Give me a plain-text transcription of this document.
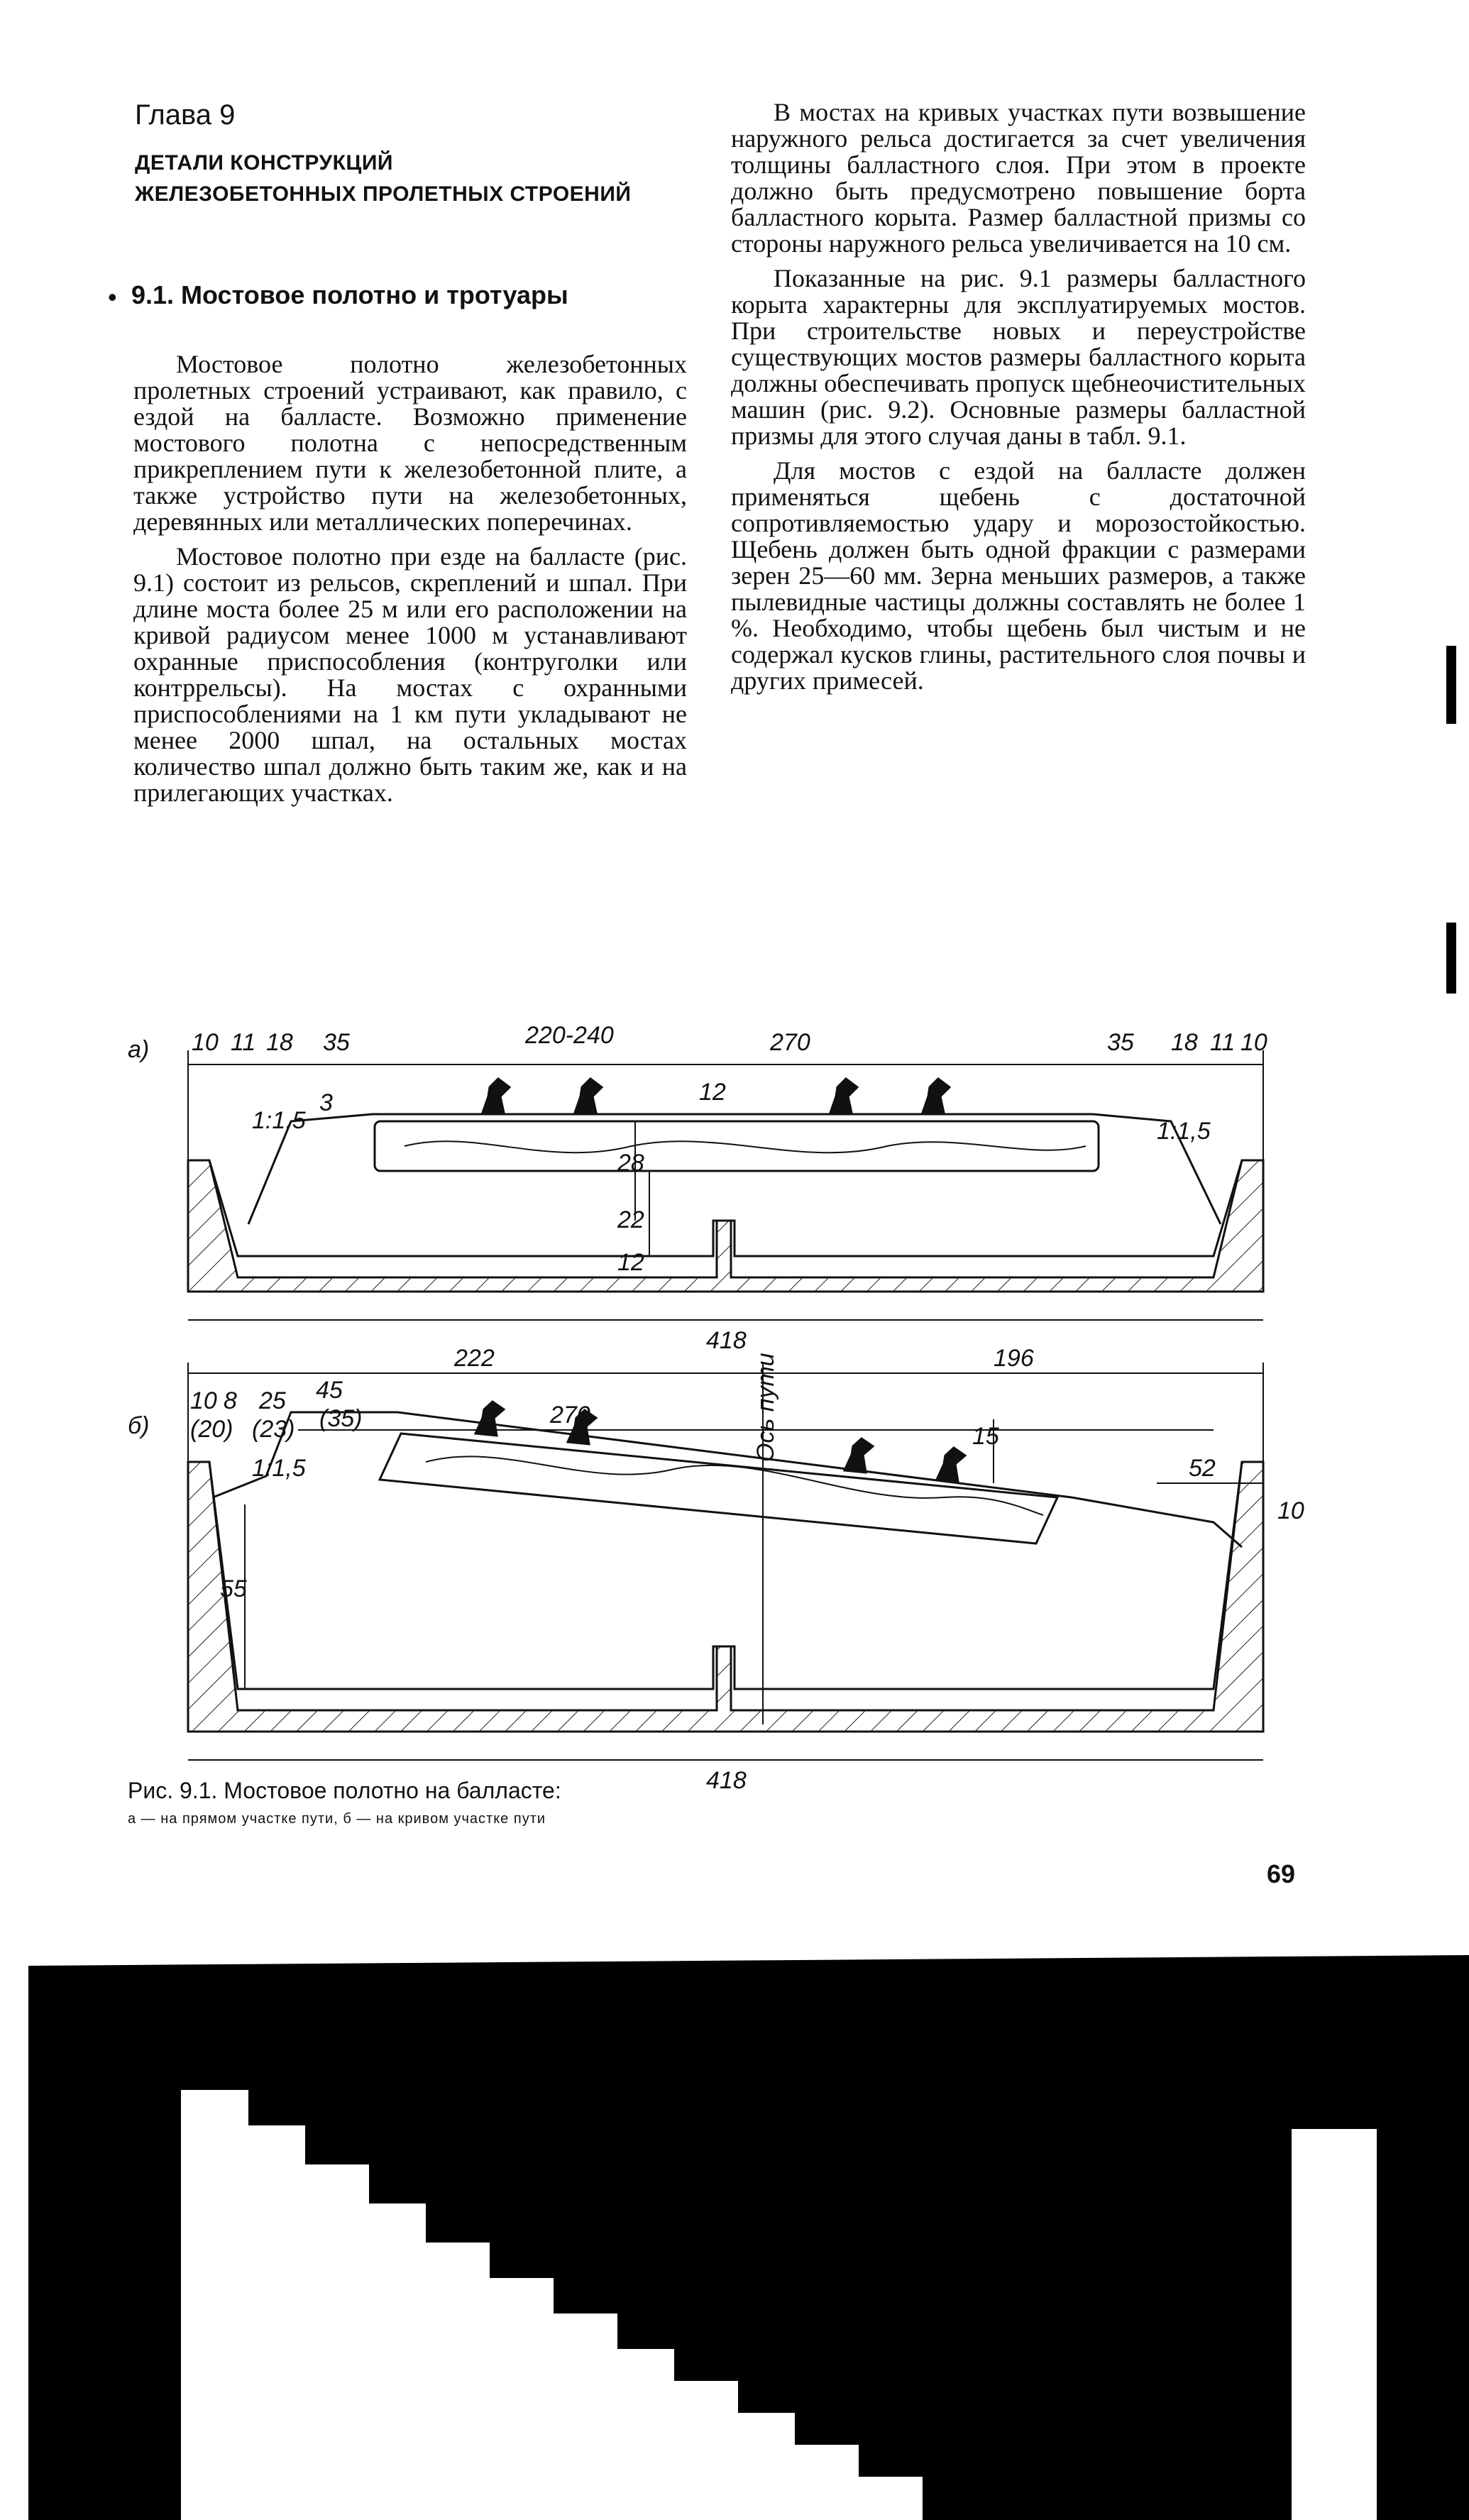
Глава 9
ДЕТАЛИ КОНСТРУКЦИЙ
ЖЕЛЕЗОБЕТОННЫХ ПРОЛЕТНЫХ СТРОЕНИЙ
• 9.1. Мостовое полотно и тротуары

Мостовое полотно железобетонных пролетных строений устраивают, как правило, с ездой на балласте. Возможно применение мостового полотна с непосредственным прикреплением пути к железобетонной плите, а также устройство пути на железобетонных, деревянных или металлических поперечинах.

Мостовое полотно при езде на балласте (рис. 9.1) состоит из рельсов, скреплений и шпал. При длине моста более 25 м или его расположении на кривой радиусом менее 1000 м устанавливают охранные приспособления (контруголки или контррельсы). На мостах с охранными приспособлениями на 1 км пути укладывают не менее 2000 шпал, на остальных мостах количество шпал должно быть таким же, как и на прилегающих участках.

В мостах на кривых участках пути возвышение наружного рельса достигается за счет увеличения толщины балластного слоя. При этом в проекте должно быть предусмотрено повышение борта балластного корыта. Размер балластной призмы со стороны наружного рельса увеличивается на 10 см.

Показанные на рис. 9.1 размеры балластного корыта характерны для эксплуатируемых мостов. При строительстве новых и переустройстве существующих мостов размеры балластного корыта должны обеспечивать пропуск щебнеочистительных машин (рис. 9.2). Основные размеры балластной призмы для этого случая даны в табл. 9.1.

Для мостов с ездой на балласте должен применяться щебень с достаточной сопротивляемостью удару и морозостойкостью. Щебень должен быть одной фракции с размерами зерен 25—60 мм. Зерна меньших размеров, а также пылевидные частицы должны составлять не более 1 %. Необходимо, чтобы щебень был чистым и не содержал кусков глины, растительного слоя почвы и других примесей.

а) 10 11 18 35	220-240	270	35 18 11 10
12
3
28
22
12
1:1,5	1:1,5
418
б)
222	196
10 8 25 45
(20) (23) (35)	270	Ось пути	15
52
10
55
1:1,5
418
Рис. 9.1. Мостовое полотно на балласте:
а — на прямом участке пути, б — на кривом участке пути
69
